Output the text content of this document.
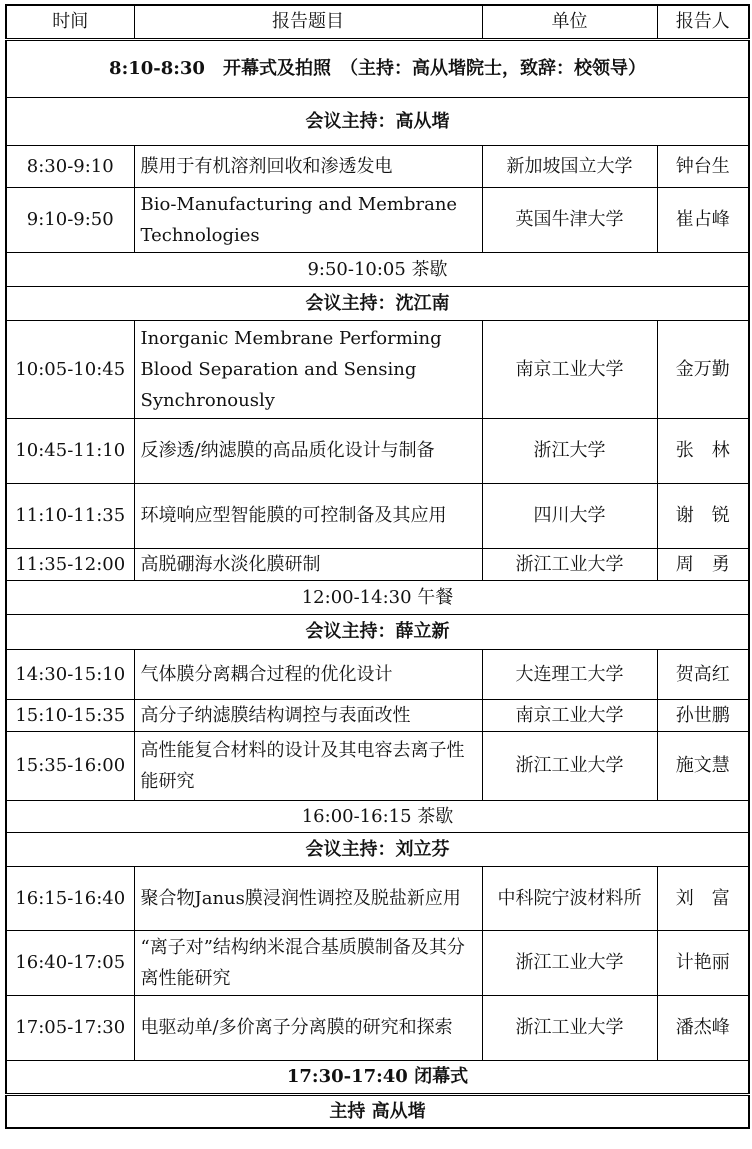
时间	报告题目	单位	报告人
8:10-8:30　开幕式及拍照　（主持：高从堦院士，致辞：校领导）			
会议主持：高从堦			
8:30-9:10	膜用于有机溶剂回收和渗透发电	新加坡国立大学	钟台生
9:10-9:50	Bio-Manufacturing and Membrane Technologies	英国牛津大学	崔占峰
9:50-10:05 茶歇			
会议主持：沈江南			
10:05-10:45	Inorganic Membrane Performing Blood Separation and Sensing Synchronously	南京工业大学	金万勤
10:45-11:10	反渗透/纳滤膜的高品质化设计与制备	浙江大学	张　林
11:10-11:35	环境响应型智能膜的可控制备及其应用	四川大学	谢　锐
11:35-12:00	高脱硼海水淡化膜研制	浙江工业大学	周　勇
12:00-14:30 午餐			
会议主持：薛立新			
14:30-15:10	气体膜分离耦合过程的优化设计	大连理工大学	贺高红
15:10-15:35	高分子纳滤膜结构调控与表面改性	南京工业大学	孙世鹏
15:35-16:00	高性能复合材料的设计及其电容去离子性能研究	浙江工业大学	施文慧
16:00-16:15 茶歇			
会议主持：刘立芬			
16:15-16:40	聚合物Janus膜浸润性调控及脱盐新应用	中科院宁波材料所	刘　富
16:40-17:05	“离子对”结构纳米混合基质膜制备及其分离性能研究	浙江工业大学	计艳丽
17:05-17:30	电驱动单/多价离子分离膜的研究和探索	浙江工业大学	潘杰峰
17:30-17:40 闭幕式			
主持 高从堦			
